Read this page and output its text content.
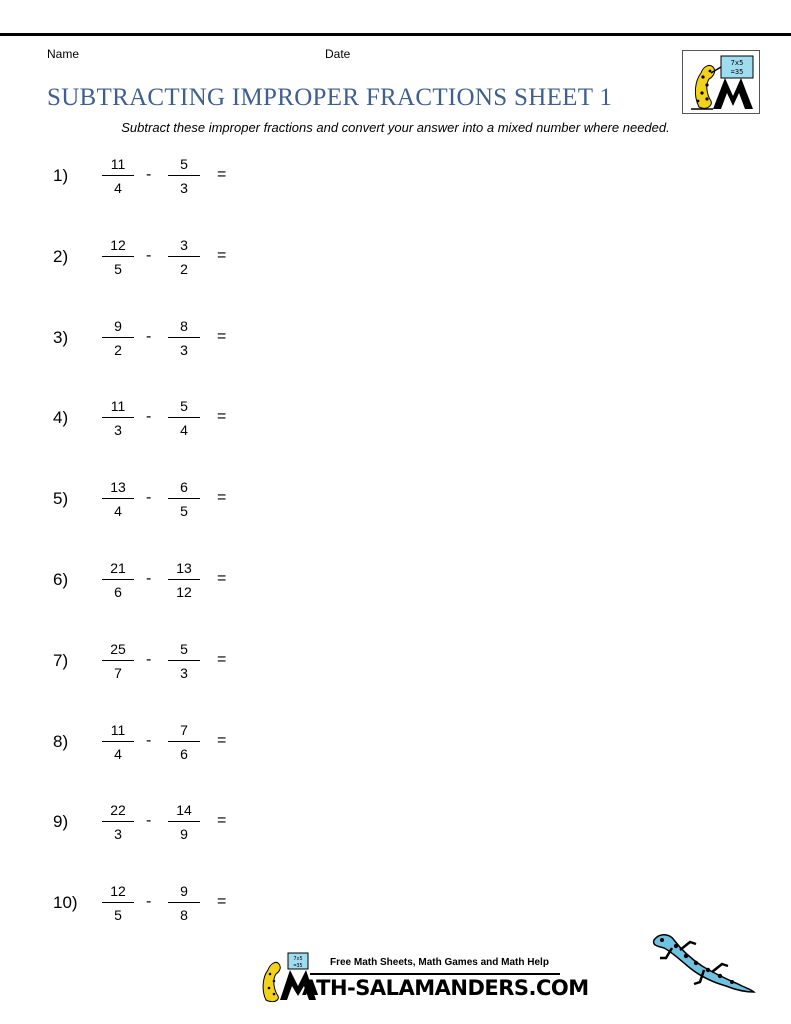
Name	Date
SUBTRACTING IMPROPER FRACTIONS SHEET 1
Subtract these improper fractions and convert your answer into a mixed number where needed.
7x5
=35
1)
11
4
-
5
3
=
2)
12
5
-
3
2
=
3)
9
2
-
8
3
=
4)
11
3
-
5
4
=
5)
13
4
-
6
5
=
6)
21
6
-
13
12
=
7)
25
7
-
5
3
=
8)
11
4
-
7
6
=
9)
22
3
-
14
9
=
10)
12
5
-
9
8
=
7x5
=35	Free Math Sheets, Math Games and Math Help
ATH-SALAMANDERS.COM
